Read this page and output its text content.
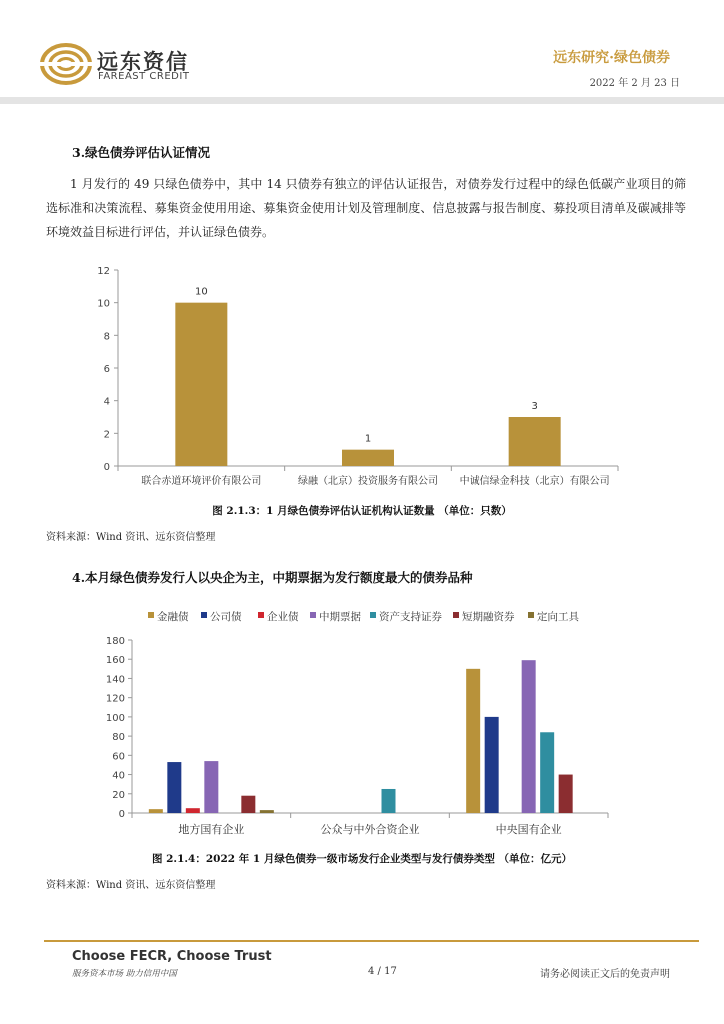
远东资信
FAREAST CREDIT
远东研究·绿色债券
2022 年 2 月 23 日
3.绿色债券评估认证情况
1 月发行的 49 只绿色债券中，其中 14 只债券有独立的评估认证报告，对债券发行过程中的绿色低碳产业项目的筛选标准和决策流程、募集资金使用用途、募集资金使用计划及管理制度、信息披露与报告制度、募投项目清单及碳减排等环境效益目标进行评估，并认证绿色债券。
0
2
4
6
8
10
12
10
联合赤道环境评价有限公司
1
绿融（北京）投资服务有限公司
3
中诚信绿金科技（北京）有限公司
图 2.1.3：1 月绿色债券评估认证机构认证数量 （单位：只数）
资料来源：Wind 资讯、远东资信整理
4.本月绿色债券发行人以央企为主，中期票据为发行额度最大的债券品种
金融债 公司债 企业债 中期票据 资产支持证券 短期融资券 定向工具
0
20
40
60
80
100
120
140
160
180
地方国有企业	公众与中外合资企业	中央国有企业
图 2.1.4：2022 年 1 月绿色债券一级市场发行企业类型与发行债券类型 （单位：亿元）
资料来源：Wind 资讯、远东资信整理
Choose FECR, Choose Trust
服务资本市场 助力信用中国	4 / 17	请务必阅读正文后的免责声明
